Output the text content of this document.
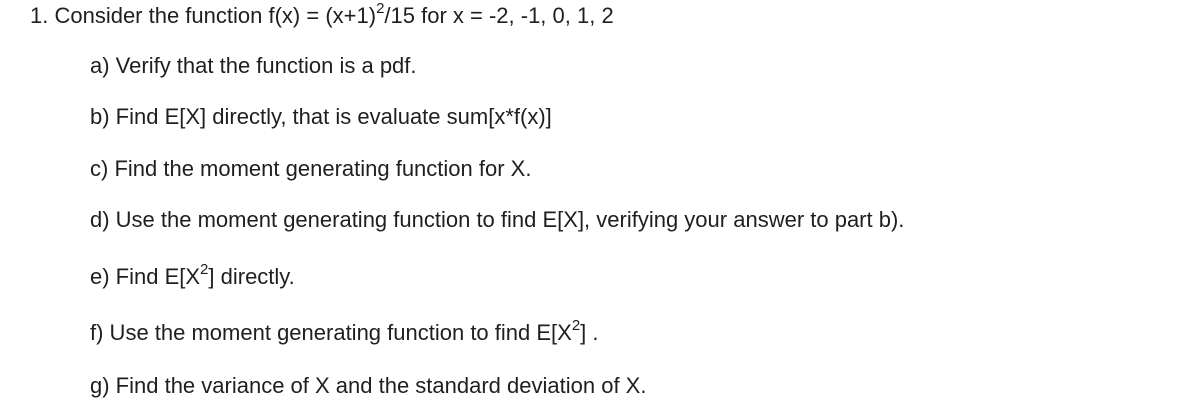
1. Consider the function $f(x) = (x+1)^2/15$ for x = -2, -1, 0, 1, 2
a) Verify that the function is a pdf.
b) Find E[X] directly, that is evaluate sum[x*f(x)]
c) Find the moment generating function for X.
d) Use the moment generating function to find E[X], verifying your answer to part b).
e) Find $E[X^2]$ directly.
f) Use the moment generating function to find $E[X^2]$ .
g) Find the variance of X and the standard deviation of X.
